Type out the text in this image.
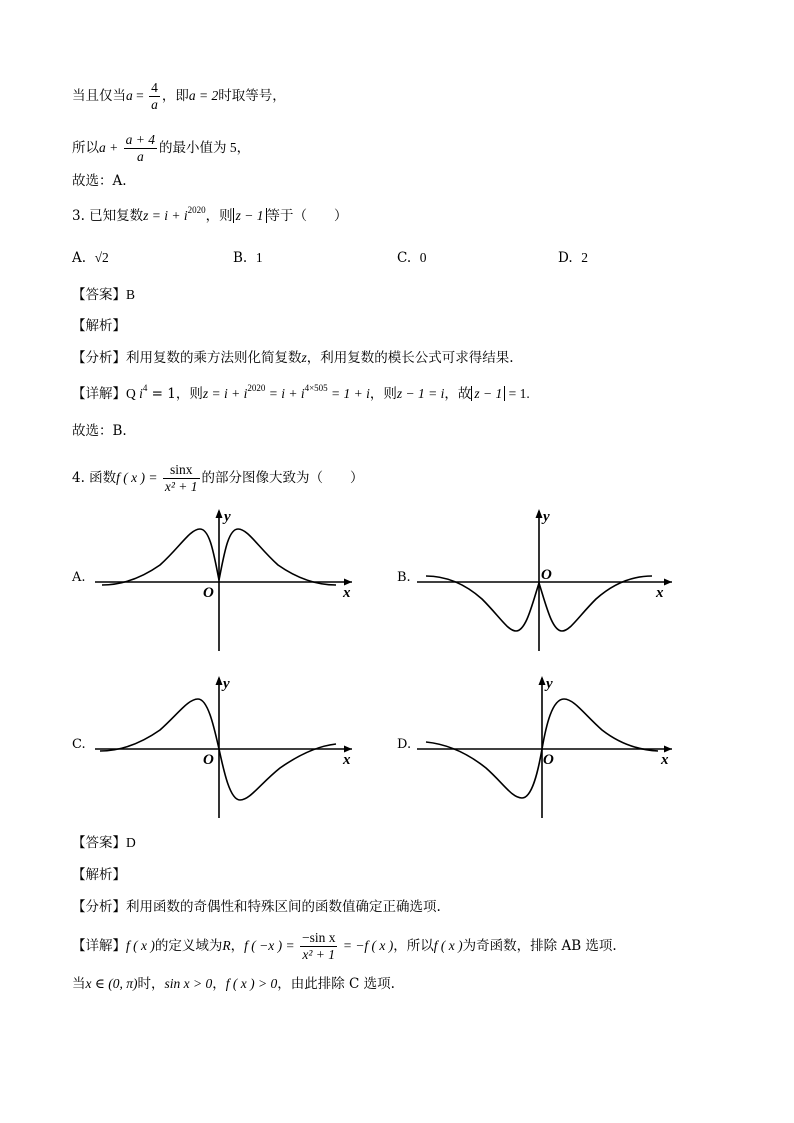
当且仅当$a = \frac{4}{a}$ ，即a = 2时取等号，
所以$a + \frac{a + 4}{a}$ 的最小值为 5，
故选：A.
3. 已知复数$z = i + i^{2020}$，则 z − 1 等于（　　）
A. √2	B. 1	C. 0	D. 2
【答案】B
【解析】
【分析】利用复数的乘方法则化简复数z，利用复数的模长公式可求得结果.
【详解】Q $i^4 = 1$，则$z = i + i^{2020} = i + i^{4\times 505} = 1 + i$，则z − 1 = i，故 z − 1 = 1.
故选：B.
4. 函数f ( x ) = $\frac{\sin x}{\text{x² + 1}}$ 的部分图像大致为（　　）
A.
y
O	x
B.
y
O
x
C.
y
O	x
D.
y
O	x
【答案】D
【解析】
【分析】利用函数的奇偶性和特殊区间的函数值确定正确选项.
【详解】f ( x )的定义域为R，f ( −x ) = $\frac{\text{−sin x}}{\text{x² + 1}} = -f$ ( x )，所以f ( x )为奇函数，排除 AB 选项.
当x ∈ (0, π)时，sin x > 0，f ( x ) > 0，由此排除 C 选项.
